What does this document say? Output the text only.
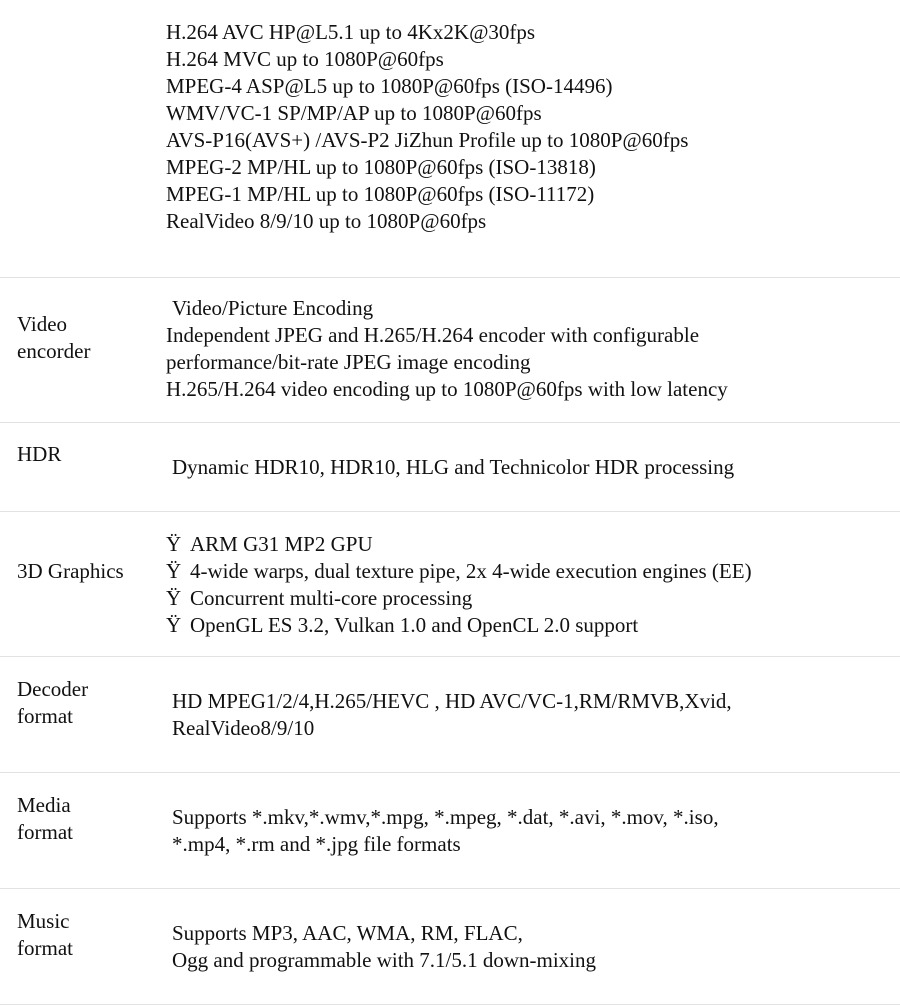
H.264 AVC HP@L5.1 up to 4Kx2K@30fps
H.264 MVC up to 1080P@60fps
MPEG-4 ASP@L5 up to 1080P@60fps (ISO-14496)
WMV/VC-1 SP/MP/AP up to 1080P@60fps
AVS-P16(AVS+) /AVS-P2 JiZhun Profile up to 1080P@60fps
MPEG-2 MP/HL up to 1080P@60fps (ISO-13818)
MPEG-1 MP/HL up to 1080P@60fps (ISO-11172)
RealVideo 8/9/10 up to 1080P@60fps
Video
encorder
Video/Picture Encoding
Independent JPEG and H.265/H.264 encoder with configurable
performance/bit-rate JPEG image encoding
H.265/H.264 video encoding up to 1080P@60fps with low latency
HDR
Dynamic HDR10, HDR10, HLG and Technicolor HDR processing
3D Graphics
Ÿ ARM G31 MP2 GPU
Ÿ 4-wide warps, dual texture pipe, 2x 4-wide execution engines (EE)
Ÿ Concurrent multi-core processing
Ÿ OpenGL ES 3.2, Vulkan 1.0 and OpenCL 2.0 support
Decoder
format
HD MPEG1/2/4,H.265/HEVC , HD AVC/VC-1,RM/RMVB,Xvid,
RealVideo8/9/10
Media
format
Supports *.mkv,*.wmv,*.mpg, *.mpeg, *.dat, *.avi, *.mov, *.iso,
*.mp4, *.rm and *.jpg file formats
Music
format
Supports MP3, AAC, WMA, RM, FLAC,
Ogg and programmable with 7.1/5.1 down-mixing
